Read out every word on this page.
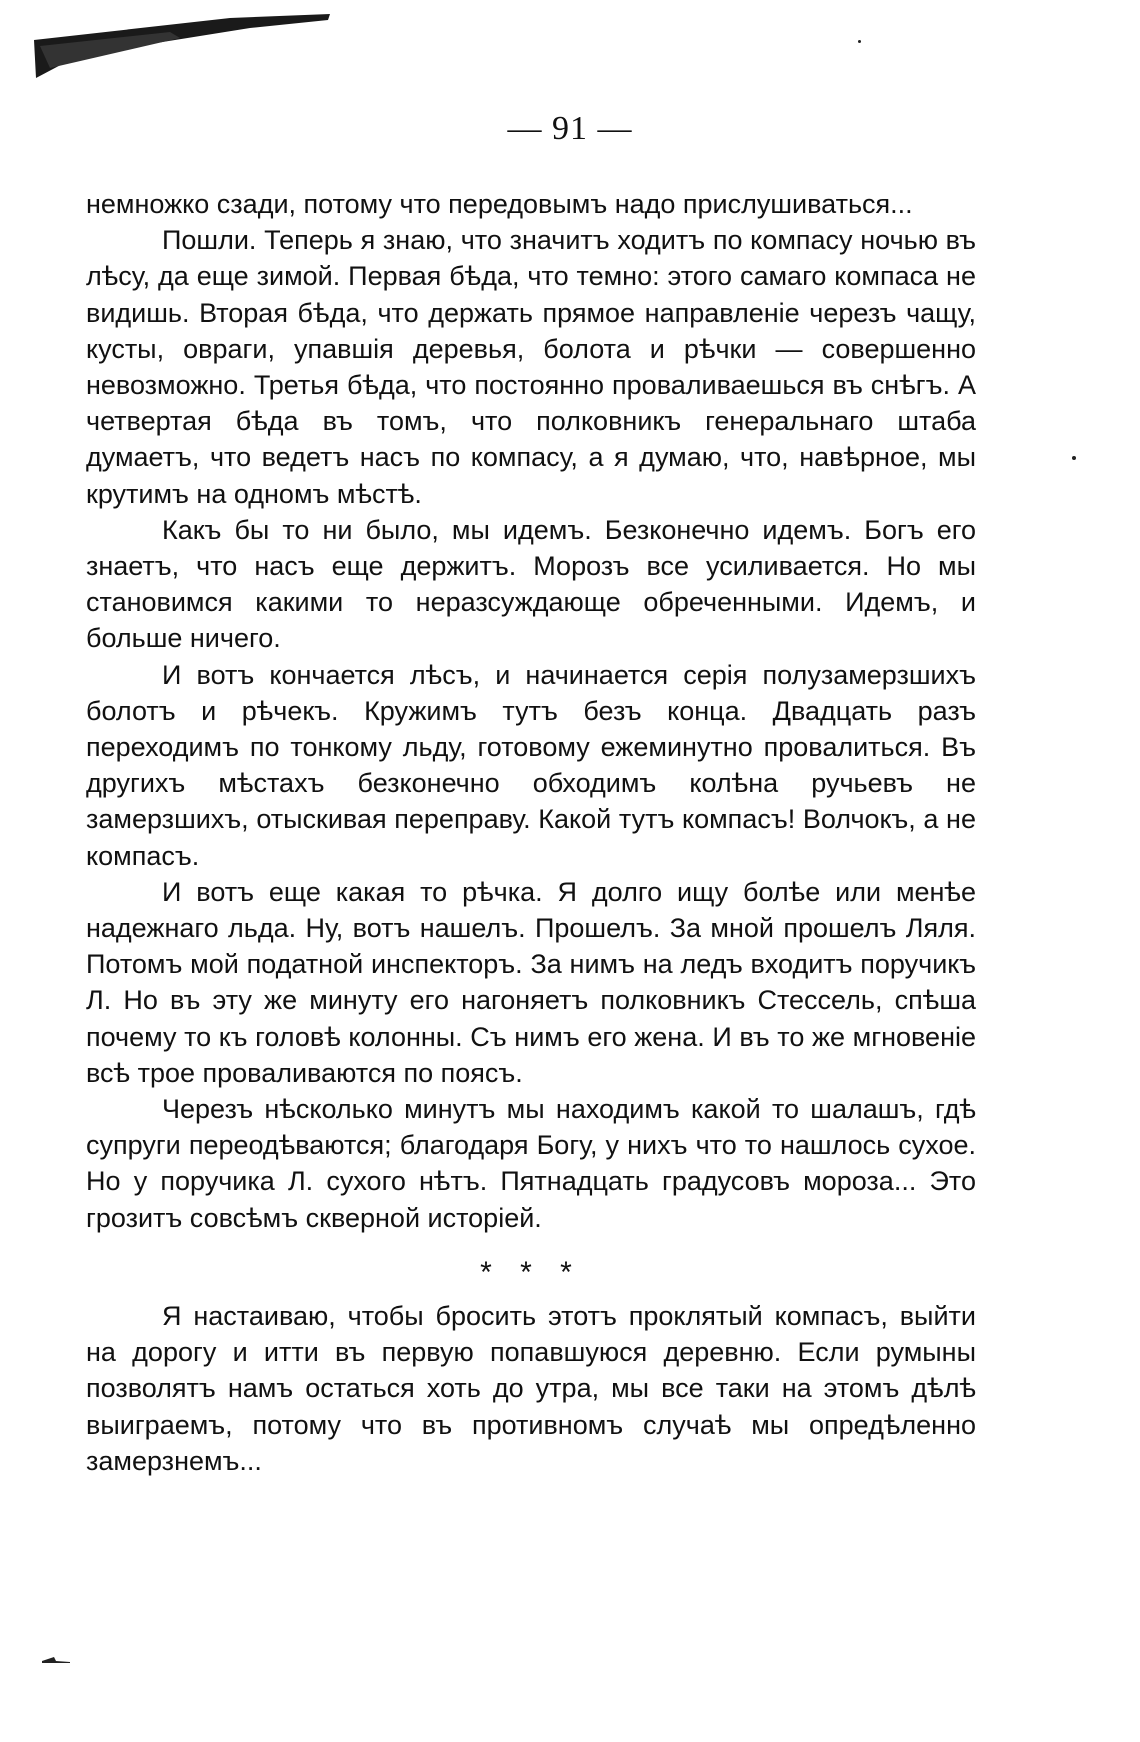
— 91 —

немножко сзади, потому что передовымъ надо прислушиваться...

Пошли. Теперь я знаю, что значитъ ходитъ по компасу ночью въ лѣсу, да еще зимой. Первая бѣда, что темно: этого самаго компаса не видишь. Вторая бѣда, что держать прямое направленіе черезъ чащу, кусты, овраги, упавшія деревья, болота и рѣчки — совершенно невозможно. Третья бѣда, что постоянно проваливаешься въ снѣгъ. А четвертая бѣда въ томъ, что полковникъ генеральнаго штаба думаетъ, что ведетъ насъ по компасу, а я думаю, что, навѣрное, мы крутимъ на одномъ мѣстѣ.

Какъ бы то ни было, мы идемъ. Безконечно идемъ. Богъ его знаетъ, что насъ еще держитъ. Морозъ все усиливается. Но мы становимся какими то неразсуждающе обреченными. Идемъ, и больше ничего.

И вотъ кончается лѣсъ, и начинается серія полузамерзшихъ болотъ и рѣчекъ. Кружимъ тутъ безъ конца. Двадцать разъ переходимъ по тонкому льду, готовому ежеминутно провалиться. Въ другихъ мѣстахъ безконечно обходимъ колѣна ручьевъ не замерзшихъ, отыскивая переправу. Какой тутъ компасъ! Волчокъ, а не компасъ.

И вотъ еще какая то рѣчка. Я долго ищу болѣе или менѣе надежнаго льда. Ну, вотъ нашелъ. Прошелъ. За мной прошелъ Ляля. Потомъ мой податной инспекторъ. За нимъ на ледъ входитъ поручикъ Л. Но въ эту же минуту его нагоняетъ полковникъ Стессель, спѣша почему то къ головѣ колонны. Съ нимъ его жена. И въ то же мгновеніе всѣ трое проваливаются по поясъ.

Черезъ нѣсколько минутъ мы находимъ какой то шалашъ, гдѣ супруги переодѣваются; благодаря Богу, у нихъ что то нашлось сухое. Но у поручика Л. сухого нѣтъ. Пятнадцать градусовъ мороза... Это грозитъ совсѣмъ скверной исторіей.

* * *

Я настаиваю, чтобы бросить этотъ проклятый компасъ, выйти на дорогу и итти въ первую попавшуюся деревню. Если румыны позволятъ намъ остаться хоть до утра, мы все таки на этомъ дѣлѣ выиграемъ, потому что въ противномъ случаѣ мы опредѣленно замерзнемъ...
